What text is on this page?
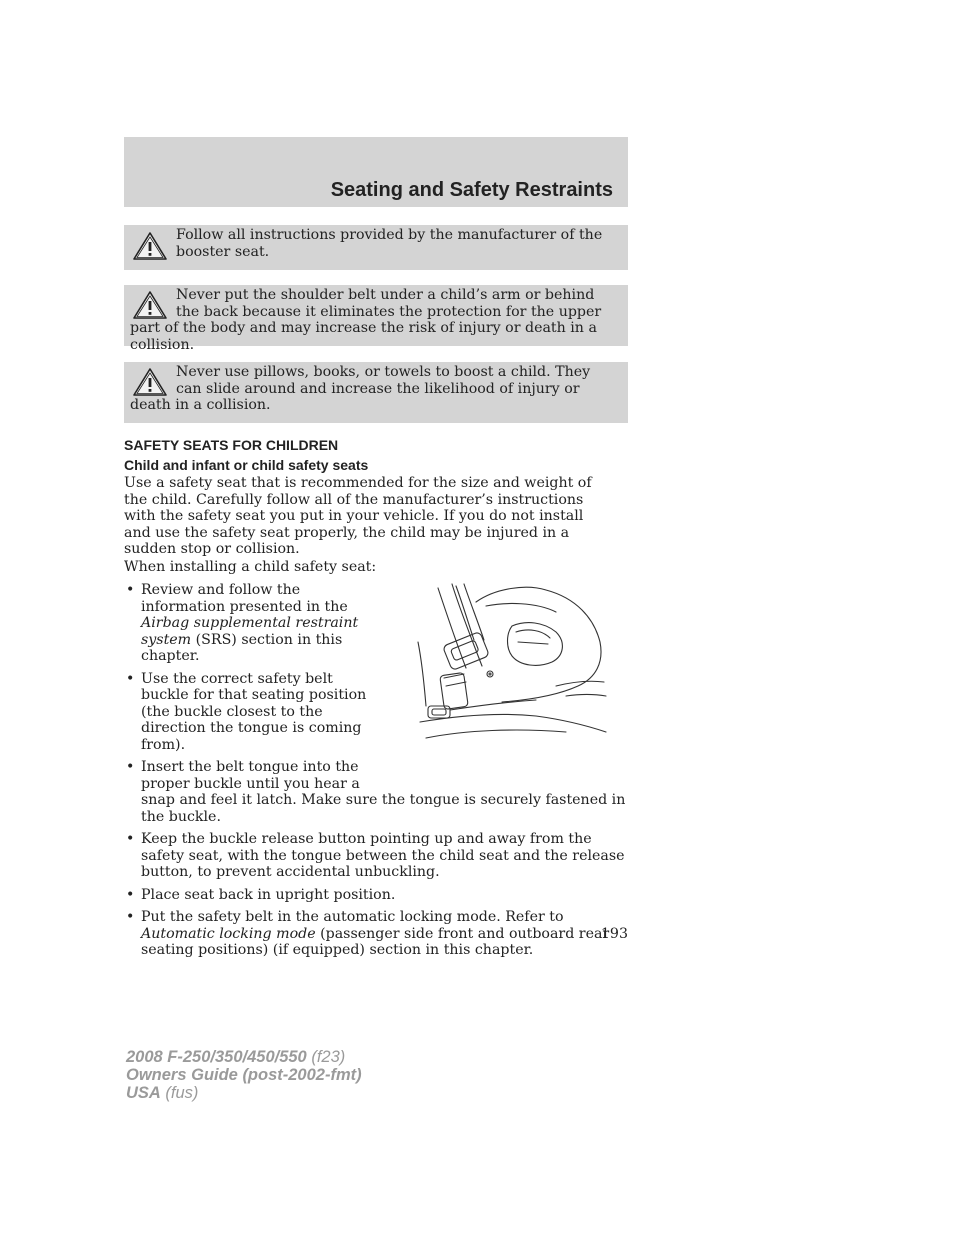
Seating and Safety Restraints
Follow all instructions provided by the manufacturer of the booster seat.
Never put the shoulder belt under a child’s arm or behind the back because it eliminates the protection for the upper part of the body and may increase the risk of injury or death in a collision.
Never use pillows, books, or towels to boost a child. They can slide around and increase the likelihood of injury or death in a collision.
SAFETY SEATS FOR CHILDREN
Child and infant or child safety seats
Use a safety seat that is recommended for the size and weight of the child. Carefully follow all of the manufacturer’s instructions with the safety seat you put in your vehicle. If you do not install and use the safety seat properly, the child may be injured in a sudden stop or collision.
When installing a child safety seat:
• Review and follow the information presented in the Airbag supplemental restraint system (SRS) section in this chapter.
• Use the correct safety belt buckle for that seating position (the buckle closest to the direction the tongue is coming from).
• Insert the belt tongue into the proper buckle until you hear a
snap and feel it latch. Make sure the tongue is securely fastened in the buckle.
• Keep the buckle release button pointing up and away from the safety seat, with the tongue between the child seat and the release button, to prevent accidental unbuckling.
• Place seat back in upright position.
• Put the safety belt in the automatic locking mode. Refer to Automatic locking mode (passenger side front and outboard rear seating positions) (if equipped) section in this chapter.
193
2008 F-250/350/450/550 (f23)
Owners Guide (post-2002-fmt)
USA (fus)
